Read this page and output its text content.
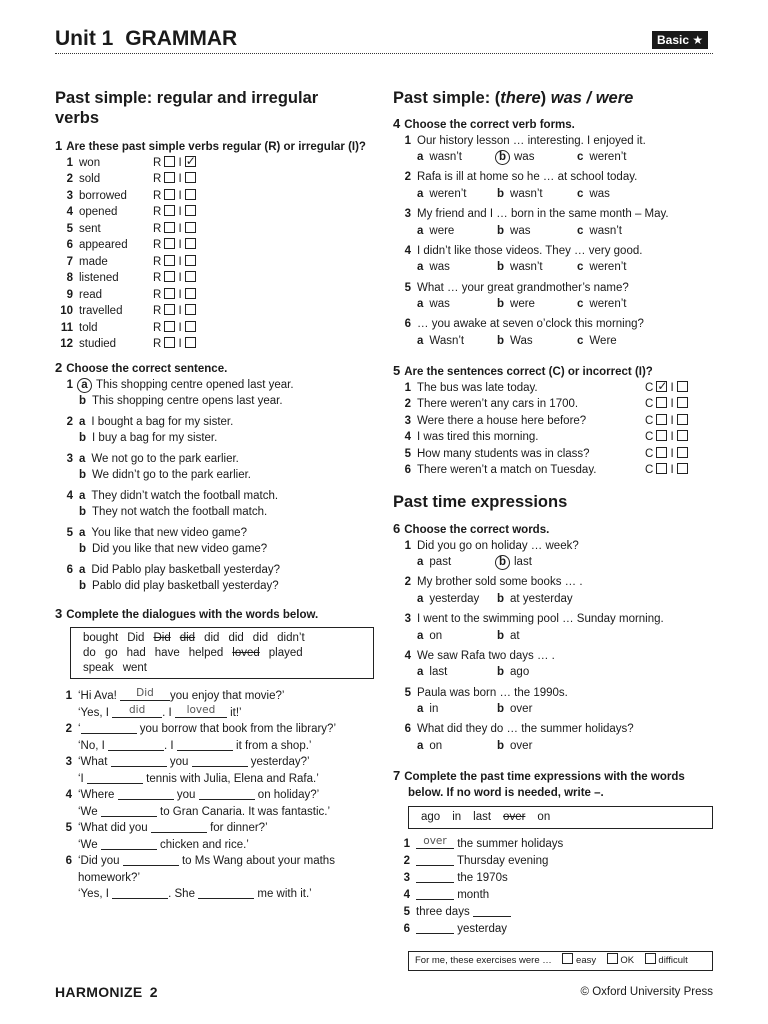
Unit 1 GRAMMAR	Basic ★
Past simple: regular and irregular
verbs
1 Are these past simple verbs regular (R) or irregular (I)?
1 won	R I✓
2 sold	R I
3 borrowed R I
4 opened	R I
5 sent	R I
6 appeared R I
7 made	R I
8 listened	R I
9 read	R I
10 travelled	R I
11 told	R I
12 studied	R I
2 Choose the correct sentence.
1 a This shopping centre opened last year.
b This shopping centre opens last year.
2 a I bought a bag for my sister.
b I buy a bag for my sister.
3 a We not go to the park earlier.
b We didn’t go to the park earlier.
4 a They didn’t watch the football match.
b They not watch the football match.
5 a You like that new video game?
b Did you like that new video game?
6 a Did Pablo play basketball yesterday?
b Pablo did play basketball yesterday?
3 Complete the dialogues with the words below.
bought Did Did did did did did didn’t
do go had have helped loved played
speak went
1 ‘Hi Ava!	Did	you enjoy that movie?’
‘Yes, I	did	. I	loved	it!’
2 ‘	you borrow that book from the library?’
‘No, I	. I	it from a shop.’
3 ‘What	you	yesterday?’
‘I	tennis with Julia, Elena and Rafa.’
4 ‘Where	you	on holiday?’
‘We	to Gran Canaria. It was fantastic.’
5 ‘What did you	for dinner?’
‘We	chicken and rice.’
6 ‘Did you	to Ms Wang about your maths
homework?’
‘Yes, I	. She	me with it.’
Past simple: (there) was / were
4 Choose the correct verb forms.
1 Our history lesson … interesting. I enjoyed it.
a wasn’t	b was	c weren’t
2 Rafa is ill at home so he … at school today.
a weren’t	b wasn’t	c was
3 My friend and I … born in the same month – May.
a were	b was	c wasn’t
4 I didn’t like those videos. They … very good.
a was	b wasn’t	c weren’t
5 What … your great grandmother’s name?
a was	b were	c weren’t
6 … you awake at seven o’clock this morning?
a Wasn’t	b Was	c Were
5 Are the sentences correct (C) or incorrect (I)?
1 The bus was late today.	C✓ I
2 There weren’t any cars in 1700.	C I
3 Were there a house here before?	C I
4 I was tired this morning.	C I
5 How many students was in class?	C I
6 There weren’t a match on Tuesday.	C I
Past time expressions
6 Choose the correct words.
1 Did you go on holiday … week?
a past	b last
2 My brother sold some books … .
a yesterday b at yesterday
3 I went to the swimming pool … Sunday morning.
a on	b at
4 We saw Rafa two days … .
a last	b ago
5 Paula was born … the 1990s.
a in	b over
6 What did they do … the summer holidays?
a on	b over
7 Complete the past time expressions with the words
below. If no word is needed, write –.
ago in last over on
1	over the summer holidays
2	Thursday evening
3	the 1970s
4	month
5 three days
6	yesterday
For me, these exercises were …	easy	OK	difficult
HARMONIZE 2	© Oxford University Press
